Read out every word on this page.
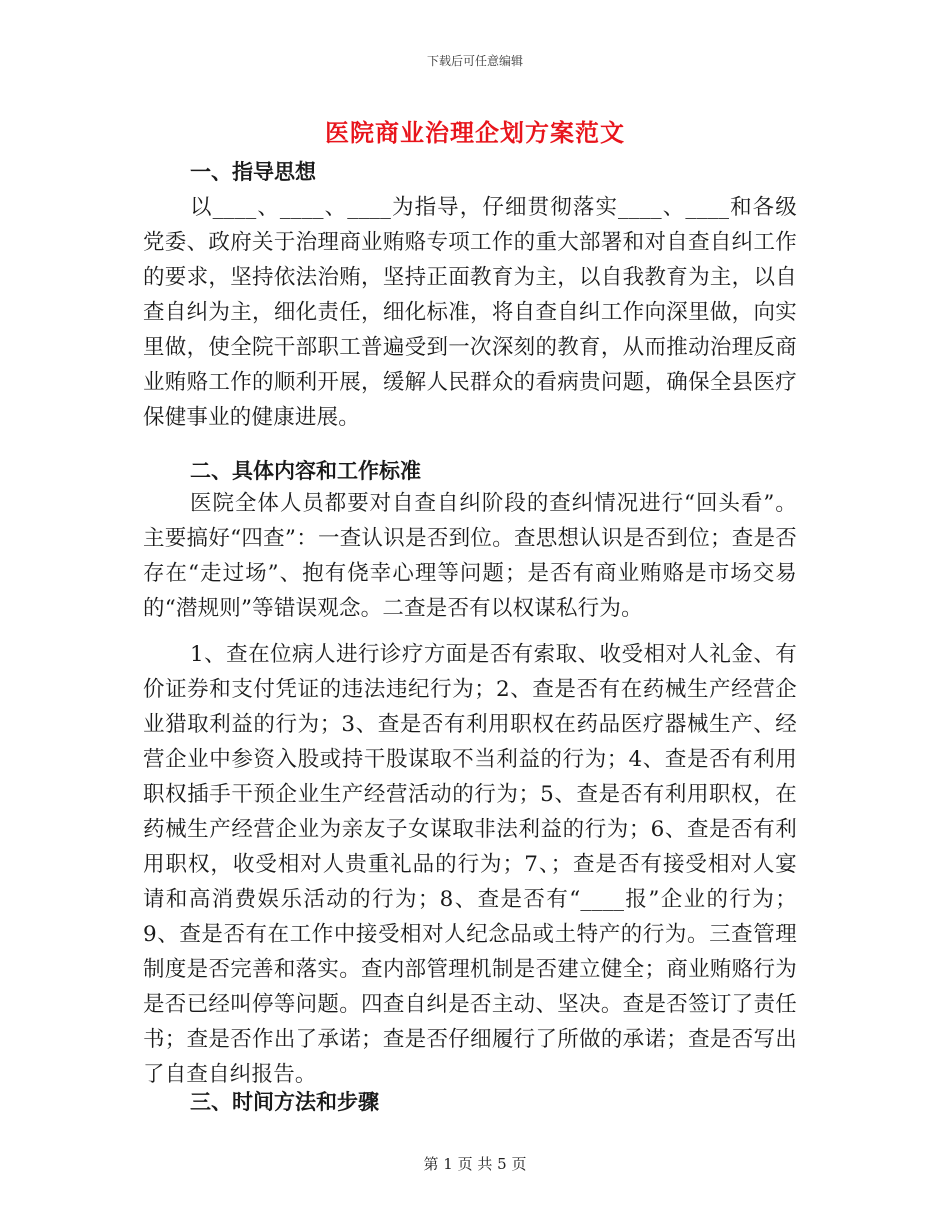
下载后可任意编辑
医院商业治理企划方案范文
一、指导思想

以____、____、____为指导，仔细贯彻落实____、____和各级党委、政府关于治理商业贿赂专项工作的重大部署和对自查自纠工作的要求，坚持依法治贿，坚持正面教育为主，以自我教育为主，以自查自纠为主，细化责任，细化标准，将自查自纠工作向深里做，向实里做，使全院干部职工普遍受到一次深刻的教育，从而推动治理反商业贿赂工作的顺利开展，缓解人民群众的看病贵问题，确保全县医疗保健事业的健康进展。

二、具体内容和工作标准

医院全体人员都要对自查自纠阶段的查纠情况进行“回头看”。主要搞好“四查”：一查认识是否到位。查思想认识是否到位；查是否存在“走过场”、抱有侥幸心理等问题；是否有商业贿赂是市场交易的“潜规则”等错误观念。二查是否有以权谋私行为。

1、查在位病人进行诊疗方面是否有索取、收受相对人礼金、有价证券和支付凭证的违法违纪行为；2、查是否有在药械生产经营企业猎取利益的行为；3、查是否有利用职权在药品医疗器械生产、经营企业中参资入股或持干股谋取不当利益的行为；4、查是否有利用职权插手干预企业生产经营活动的行为；5、查是否有利用职权，在药械生产经营企业为亲友子女谋取非法利益的行为；6、查是否有利用职权，收受相对人贵重礼品的行为；7、；查是否有接受相对人宴请和高消费娱乐活动的行为；8、查是否有“____报”企业的行为；9、查是否有在工作中接受相对人纪念品或土特产的行为。三查管理制度是否完善和落实。查内部管理机制是否建立健全；商业贿赂行为是否已经叫停等问题。四查自纠是否主动、坚决。查是否签订了责任书；查是否作出了承诺；查是否仔细履行了所做的承诺；查是否写出了自查自纠报告。

三、时间方法和步骤
第 1 页 共 5 页
